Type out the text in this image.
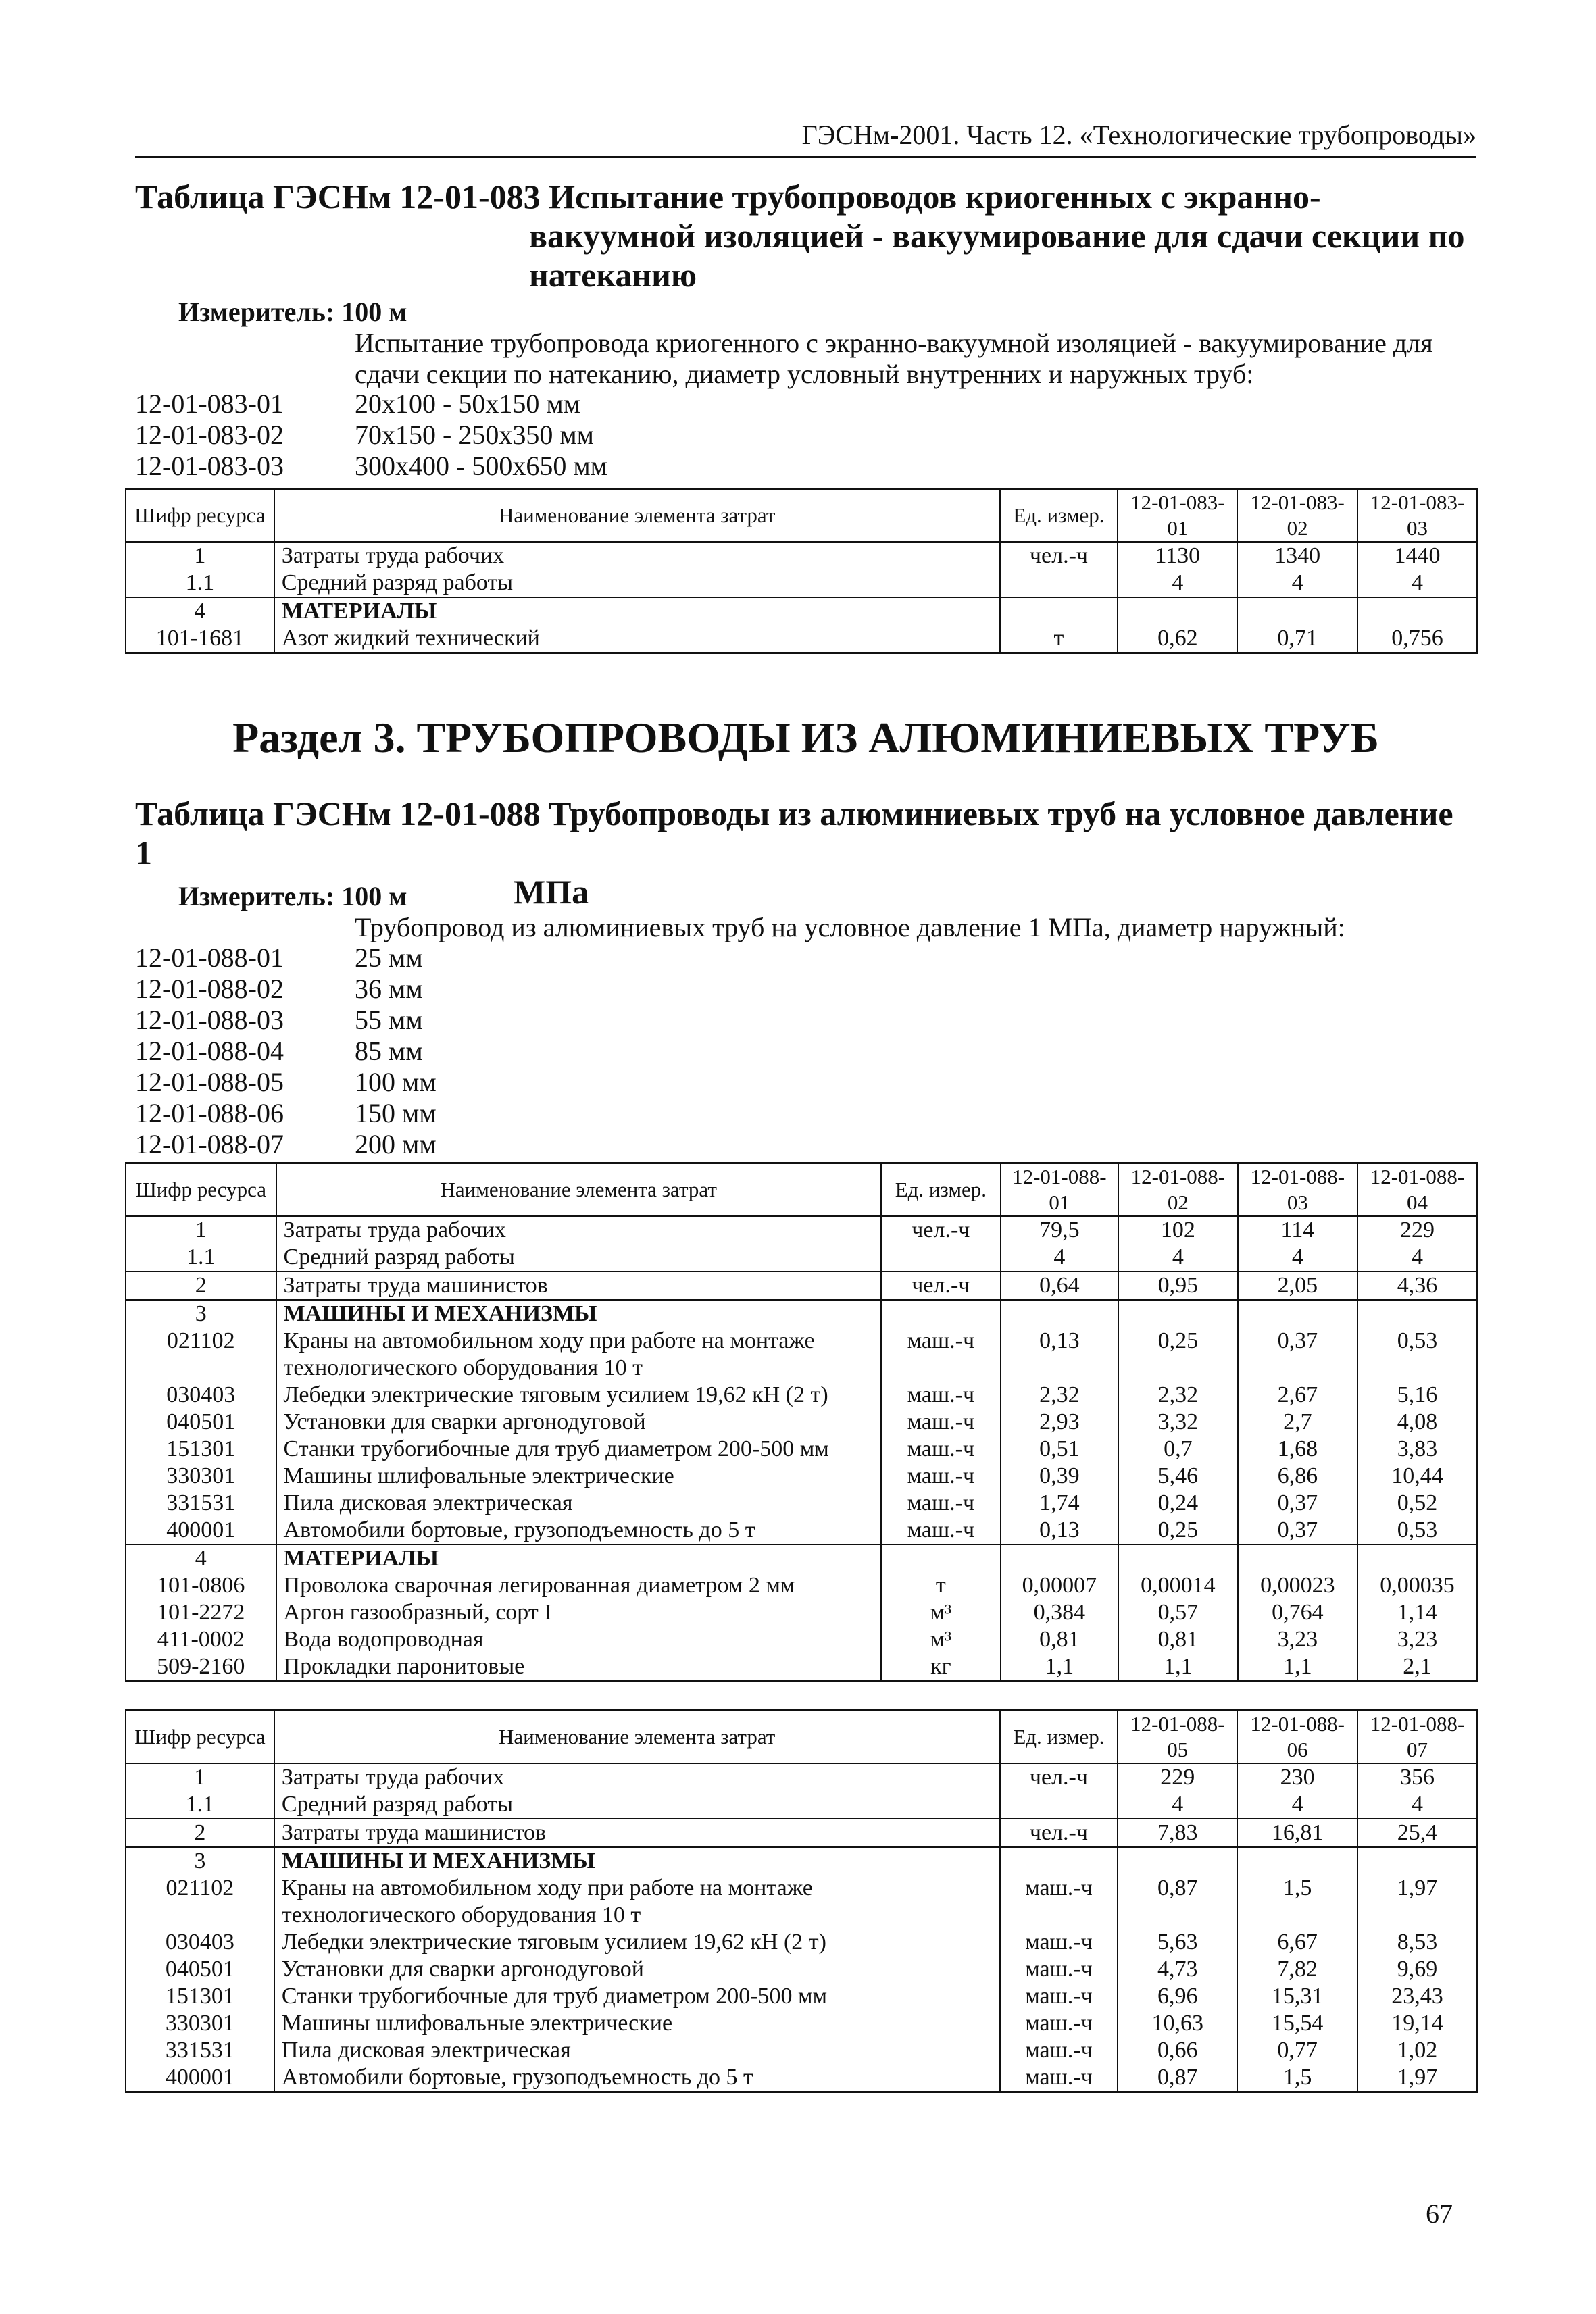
ГЭСНм-2001. Часть 12. «Технологические трубопроводы»
Таблица ГЭСНм 12-01-083 Испытание трубопроводов криогенных с экранно-
вакуумной изоляцией - вакуумирование для сдачи секции по
натеканию
Измеритель: 100 м
Испытание трубопровода криогенного с экранно-вакуумной изоляцией - вакуумирование для сдачи секции по натеканию, диаметр условный внутренних и наружных труб:
12-01-083-01	20x100 - 50x150 мм
12-01-083-02	70x150 - 250x350 мм
12-01-083-03	300x400 - 500x650 мм
Шифр ресурса	Наименование элемента затрат	Ед. измер.	12-01-083-01	12-01-083-02	12-01-083-03
1	Затраты труда рабочих	чел.-ч	1130	1340	1440
1.1	Средний разряд работы		4	4	4
4	МАТЕРИАЛЫ				
101-1681	Азот жидкий технический	т	0,62	0,71	0,756
Раздел 3. ТРУБОПРОВОДЫ ИЗ АЛЮМИНИЕВЫХ ТРУБ
Таблица ГЭСНм 12-01-088 Трубопроводы из алюминиевых труб на условное давление 1
МПа
Измеритель: 100 м
Трубопровод из алюминиевых труб на условное давление 1 МПа, диаметр наружный:
12-01-088-01	25 мм
12-01-088-02	36 мм
12-01-088-03	55 мм
12-01-088-04	85 мм
12-01-088-05	100 мм
12-01-088-06	150 мм
12-01-088-07	200 мм
Шифр ресурса	Наименование элемента затрат	Ед. измер.	12-01-088-01	12-01-088-02	12-01-088-03	12-01-088-04
1	Затраты труда рабочих	чел.-ч	79,5	102	114	229
1.1	Средний разряд работы		4	4	4	4
2	Затраты труда машинистов	чел.-ч	0,64	0,95	2,05	4,36
3	МАШИНЫ И МЕХАНИЗМЫ					
021102	Краны на автомобильном ходу при работе на монтаже технологического оборудования 10 т	маш.-ч	0,13	0,25	0,37	0,53
030403	Лебедки электрические тяговым усилием 19,62 кН (2 т)	маш.-ч	2,32	2,32	2,67	5,16
040501	Установки для сварки аргонодуговой	маш.-ч	2,93	3,32	2,7	4,08
151301	Станки трубогибочные для труб диаметром 200-500 мм	маш.-ч	0,51	0,7	1,68	3,83
330301	Машины шлифовальные электрические	маш.-ч	0,39	5,46	6,86	10,44
331531	Пила дисковая электрическая	маш.-ч	1,74	0,24	0,37	0,52
400001	Автомобили бортовые, грузоподъемность до 5 т	маш.-ч	0,13	0,25	0,37	0,53
4	МАТЕРИАЛЫ					
101-0806	Проволока сварочная легированная диаметром 2 мм	т	0,00007	0,00014	0,00023	0,00035
101-2272	Аргон газообразный, сорт I	м³	0,384	0,57	0,764	1,14
411-0002	Вода водопроводная	м³	0,81	0,81	3,23	3,23
509-2160	Прокладки паронитовые	кг	1,1	1,1	1,1	2,1
Шифр ресурса	Наименование элемента затрат	Ед. измер.	12-01-088-05	12-01-088-06	12-01-088-07
1	Затраты труда рабочих	чел.-ч	229	230	356
1.1	Средний разряд работы		4	4	4
2	Затраты труда машинистов	чел.-ч	7,83	16,81	25,4
3	МАШИНЫ И МЕХАНИЗМЫ				
021102	Краны на автомобильном ходу при работе на монтаже технологического оборудования 10 т	маш.-ч	0,87	1,5	1,97
030403	Лебедки электрические тяговым усилием 19,62 кН (2 т)	маш.-ч	5,63	6,67	8,53
040501	Установки для сварки аргонодуговой	маш.-ч	4,73	7,82	9,69
151301	Станки трубогибочные для труб диаметром 200-500 мм	маш.-ч	6,96	15,31	23,43
330301	Машины шлифовальные электрические	маш.-ч	10,63	15,54	19,14
331531	Пила дисковая электрическая	маш.-ч	0,66	0,77	1,02
400001	Автомобили бортовые, грузоподъемность до 5 т	маш.-ч	0,87	1,5	1,97
67
